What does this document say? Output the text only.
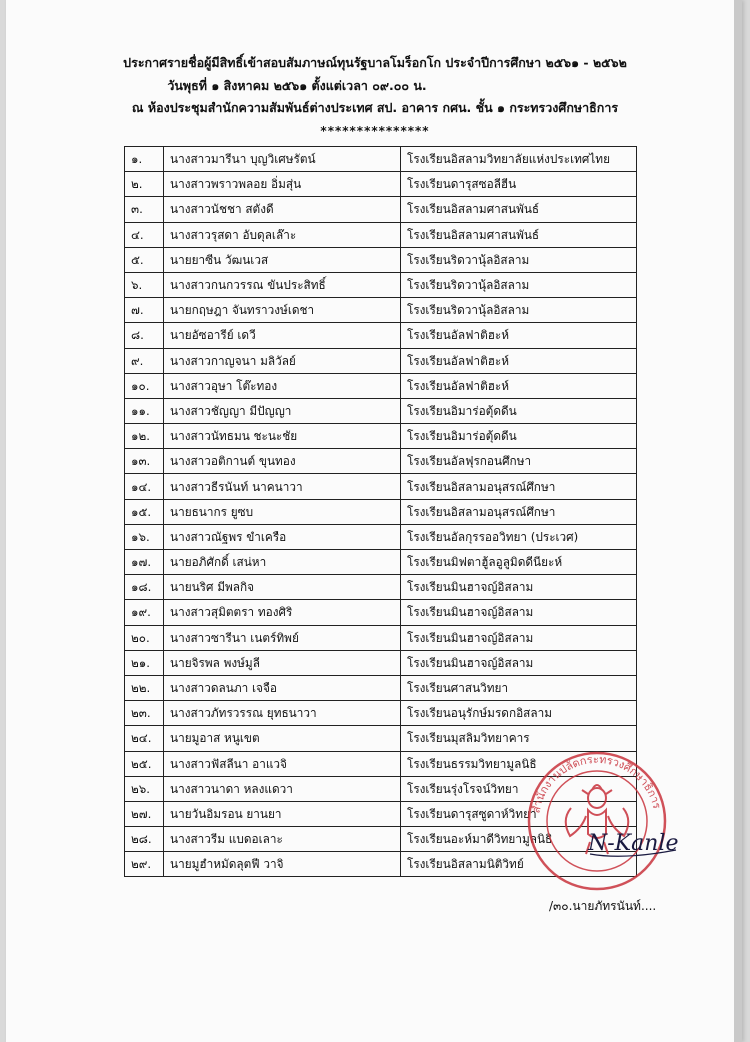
ประกาศรายชื่อผู้มีสิทธิ์เข้าสอบสัมภาษณ์ทุนรัฐบาลโมร็อกโก ประจำปีการศึกษา ๒๕๖๑ - ๒๕๖๒
วันพุธที่ ๑ สิงหาคม ๒๕๖๑ ตั้งแต่เวลา ๐๙.๐๐ น.
ณ ห้องประชุมสำนักความสัมพันธ์ต่างประเทศ สป. อาคาร กศน. ชั้น ๑ กระทรวงศึกษาธิการ
***************
๑.	นางสาวมารีนา บุญวิเศษรัตน์	โรงเรียนอิสลามวิทยาลัยแห่งประเทศไทย
๒.	นางสาวพราวพลอย อิ่มสุ่น	โรงเรียนดารุสซอลีฮีน
๓.	นางสาวนัชชา สตังดี	โรงเรียนอิสลามศาสนพันธ์
๔.	นางสาวรุสดา อับดุลเล๊าะ	โรงเรียนอิสลามศาสนพันธ์
๕.	นายยาซีน วัฒนเวส	โรงเรียนริดวานุ้ลอิสลาม
๖.	นางสาวกนกวรรณ ขันประสิทธิ์	โรงเรียนริดวานุ้ลอิสลาม
๗.	นายกฤษฎา จันทราวงษ์เดชา	โรงเรียนริดวานุ้ลอิสลาม
๘.	นายอัซอารีย์ เดวี	โรงเรียนอัลฟาติฮะห์
๙.	นางสาวกาญจนา มลิวัลย์	โรงเรียนอัลฟาติฮะห์
๑๐.	นางสาวอุษา โต๊ะทอง	โรงเรียนอัลฟาติฮะห์
๑๑.	นางสาวชัญญา มีปัญญา	โรงเรียนอิมาร่อตุ้ดดีน
๑๒.	นางสาวนัทธมน ชะนะชัย	โรงเรียนอิมาร่อตุ้ดดีน
๑๓.	นางสาวอติกานต์ ขุนทอง	โรงเรียนอัลฟุรกอนศึกษา
๑๔.	นางสาวธีรนันท์ นาคนาวา	โรงเรียนอิสลามอนุสรณ์ศึกษา
๑๕.	นายธนากร ยูซบ	โรงเรียนอิสลามอนุสรณ์ศึกษา
๑๖.	นางสาวณัฐพร ขำเครือ	โรงเรียนอัลกุรรออวิทยา (ประเวศ)
๑๗.	นายอภิศักดิ์ เสน่หา	โรงเรียนมิฟตาฮู้ลอูลูมิดดีนียะห์
๑๘.	นายนริศ มีพลกิจ	โรงเรียนมินฮาจญ์อิสลาม
๑๙.	นางสาวสุมิตตรา ทองศิริ	โรงเรียนมินฮาจญ์อิสลาม
๒๐.	นางสาวซารีนา เนตร์ทิพย์	โรงเรียนมินฮาจญ์อิสลาม
๒๑.	นายจิรพล พงษ์มูลี	โรงเรียนมินฮาจญ์อิสลาม
๒๒.	นางสาวดลนภา เจจือ	โรงเรียนศาสนวิทยา
๒๓.	นางสาวภัทรวรรณ ยุทธนาวา	โรงเรียนอนุรักษ์มรดกอิสลาม
๒๔.	นายมูอาส หนูเขต	โรงเรียนมุสลิมวิทยาคาร
๒๕.	นางสาวฟัสลีนา อาแวจิ	โรงเรียนธรรมวิทยามูลนิธิ
๒๖.	นางสาวนาดา หลงแดวา	โรงเรียนรุ่งโรจน์วิทยา
๒๗.	นายวันอิมรอน ยานยา	โรงเรียนดารุสซูดาห์วิทยา
๒๘.	นางสาวรีม แบดอเลาะ	โรงเรียนอะห์มาดีวิทยามูลนิธิ
๒๙.	นายมูฮำหมัดลุตฟี วาจิ	โรงเรียนอิสลามนิติวิทย์
สำนักงานปลัดกระทรวงศึกษาธิการ
N-Kanle
/๓๐.นายภัทรนันท์....
